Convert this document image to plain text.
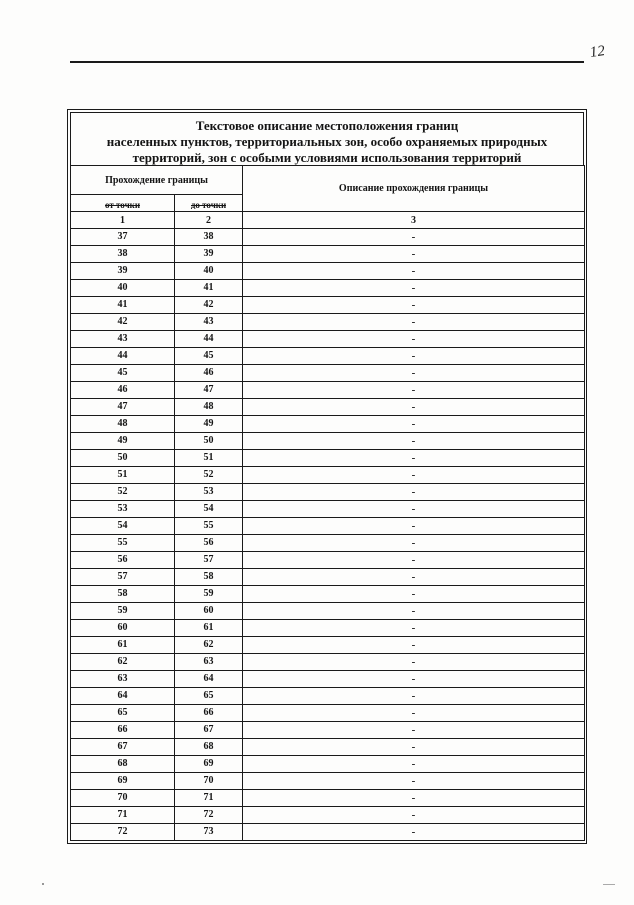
12
Текстовое описание местоположения границ
населенных пунктов, территориальных зон, особо охраняемых природных
территорий, зон с особыми условиями использования территорий
Прохождение границы		Описание прохождения границы
от точки	до точки	
1	2	3
37	38	-
38	39	-
39	40	-
40	41	-
41	42	-
42	43	-
43	44	-
44	45	-
45	46	-
46	47	-
47	48	-
48	49	-
49	50	-
50	51	-
51	52	-
52	53	-
53	54	-
54	55	-
55	56	-
56	57	-
57	58	-
58	59	-
59	60	-
60	61	-
61	62	-
62	63	-
63	64	-
64	65	-
65	66	-
66	67	-
67	68	-
68	69	-
69	70	-
70	71	-
71	72	-
72	73	-
